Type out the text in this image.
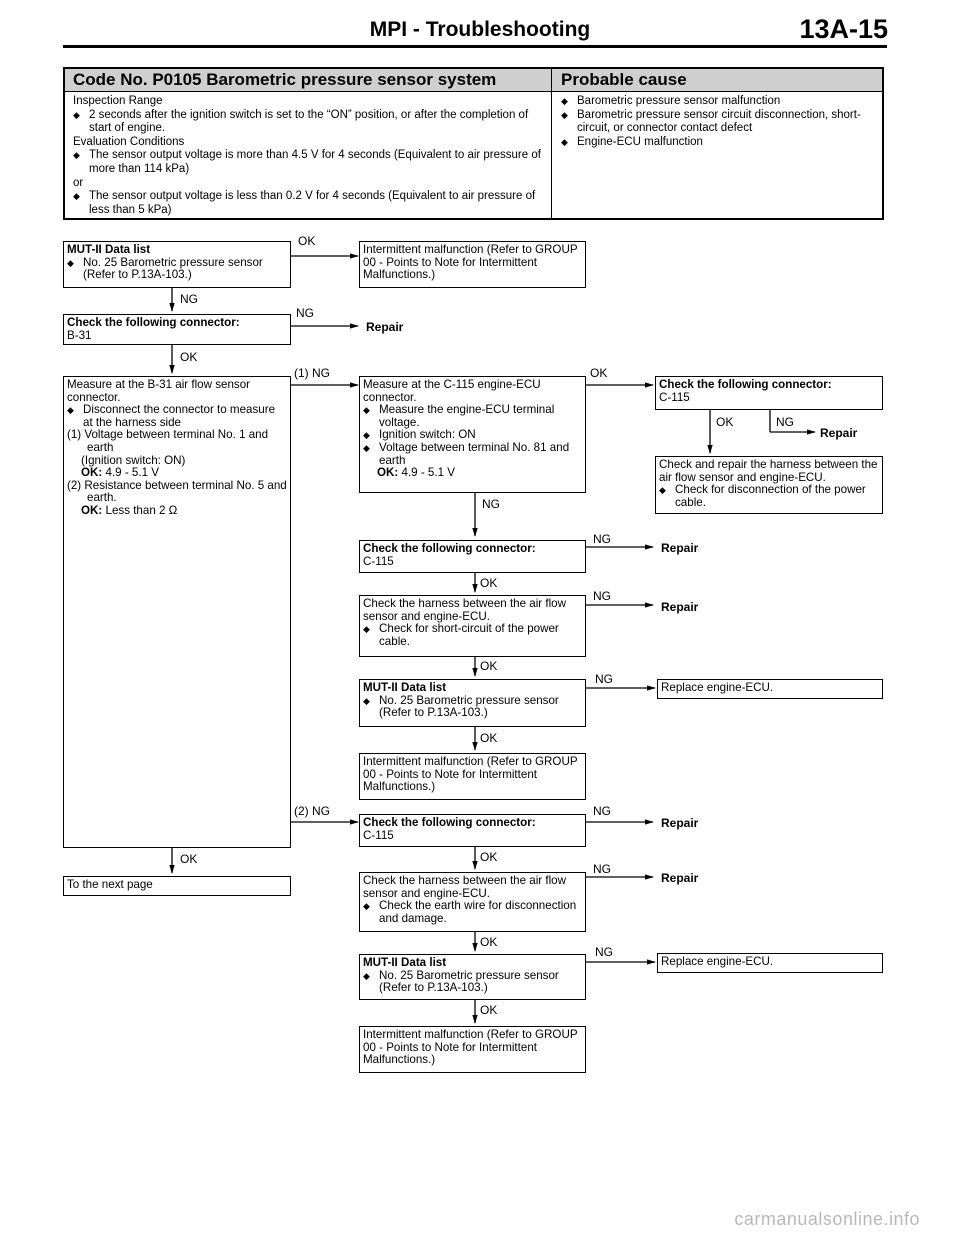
MPI - Troubleshooting	13A-15
Code No. P0105 Barometric pressure sensor system	Probable cause

Inspection Range

◆ 2 seconds after the ignition switch is set to the “ON” position, or after the completion of start of engine.

Evaluation Conditions

◆ The sensor output voltage is more than 4.5 V for 4 seconds (Equivalent to air pressure of more than 114 kPa)

or

◆ The sensor output voltage is less than 0.2 V for 4 seconds (Equivalent to air pressure of less than 5 kPa)

◆ Barometric pressure sensor malfunction

◆ Barometric pressure sensor circuit disconnection, short-circuit, or connector contact defect

◆ Engine-ECU malfunction

MUT-II Data list

◆ No. 25 Barometric pressure sensor (Refer to P.13A-103.)

OK

Intermittent malfunction (Refer to GROUP 00 - Points to Note for Intermittent Malfunctions.)

NG

Check the following connector:

B-31

NG
Repair
OK

Measure at the B-31 air flow sensor connector.

◆ Disconnect the connector to measure at the harness side

(1) Voltage between terminal No. 1 and earth

(Ignition switch: ON)

OK: 4.9 - 5.1 V

(2) Resistance between terminal No. 5 and earth.

OK: Less than 2 Ω

(1) NG
(2) NG
OK

To the next page

Measure at the C-115 engine-ECU connector.

◆ Measure the engine-ECU terminal voltage.

◆ Ignition switch: ON

◆ Voltage between terminal No. 81 and earth

OK: 4.9 - 5.1 V

OK
NG

Check the following connector:

C-115

NG
Repair
OK

Check the harness between the air flow sensor and engine-ECU.

◆ Check for short-circuit of the power cable.

NG
Repair
OK

MUT-II Data list

◆ No. 25 Barometric pressure sensor (Refer to P.13A-103.)

NG

Replace engine-ECU.

OK

Intermittent malfunction (Refer to GROUP 00 - Points to Note for Intermittent Malfunctions.)

Check the following connector:

C-115

NG
Repair
OK

Check the harness between the air flow sensor and engine-ECU.

◆ Check the earth wire for disconnection and damage.

NG
Repair
OK

MUT-II Data list

◆ No. 25 Barometric pressure sensor (Refer to P.13A-103.)

NG

Replace engine-ECU.

OK

Intermittent malfunction (Refer to GROUP 00 - Points to Note for Intermittent Malfunctions.)

Check the following connector:

C-115

OK	NG
Repair

Check and repair the harness between the air flow sensor and engine-ECU.

◆ Check for disconnection of the power cable.

carmanualsonline.info
